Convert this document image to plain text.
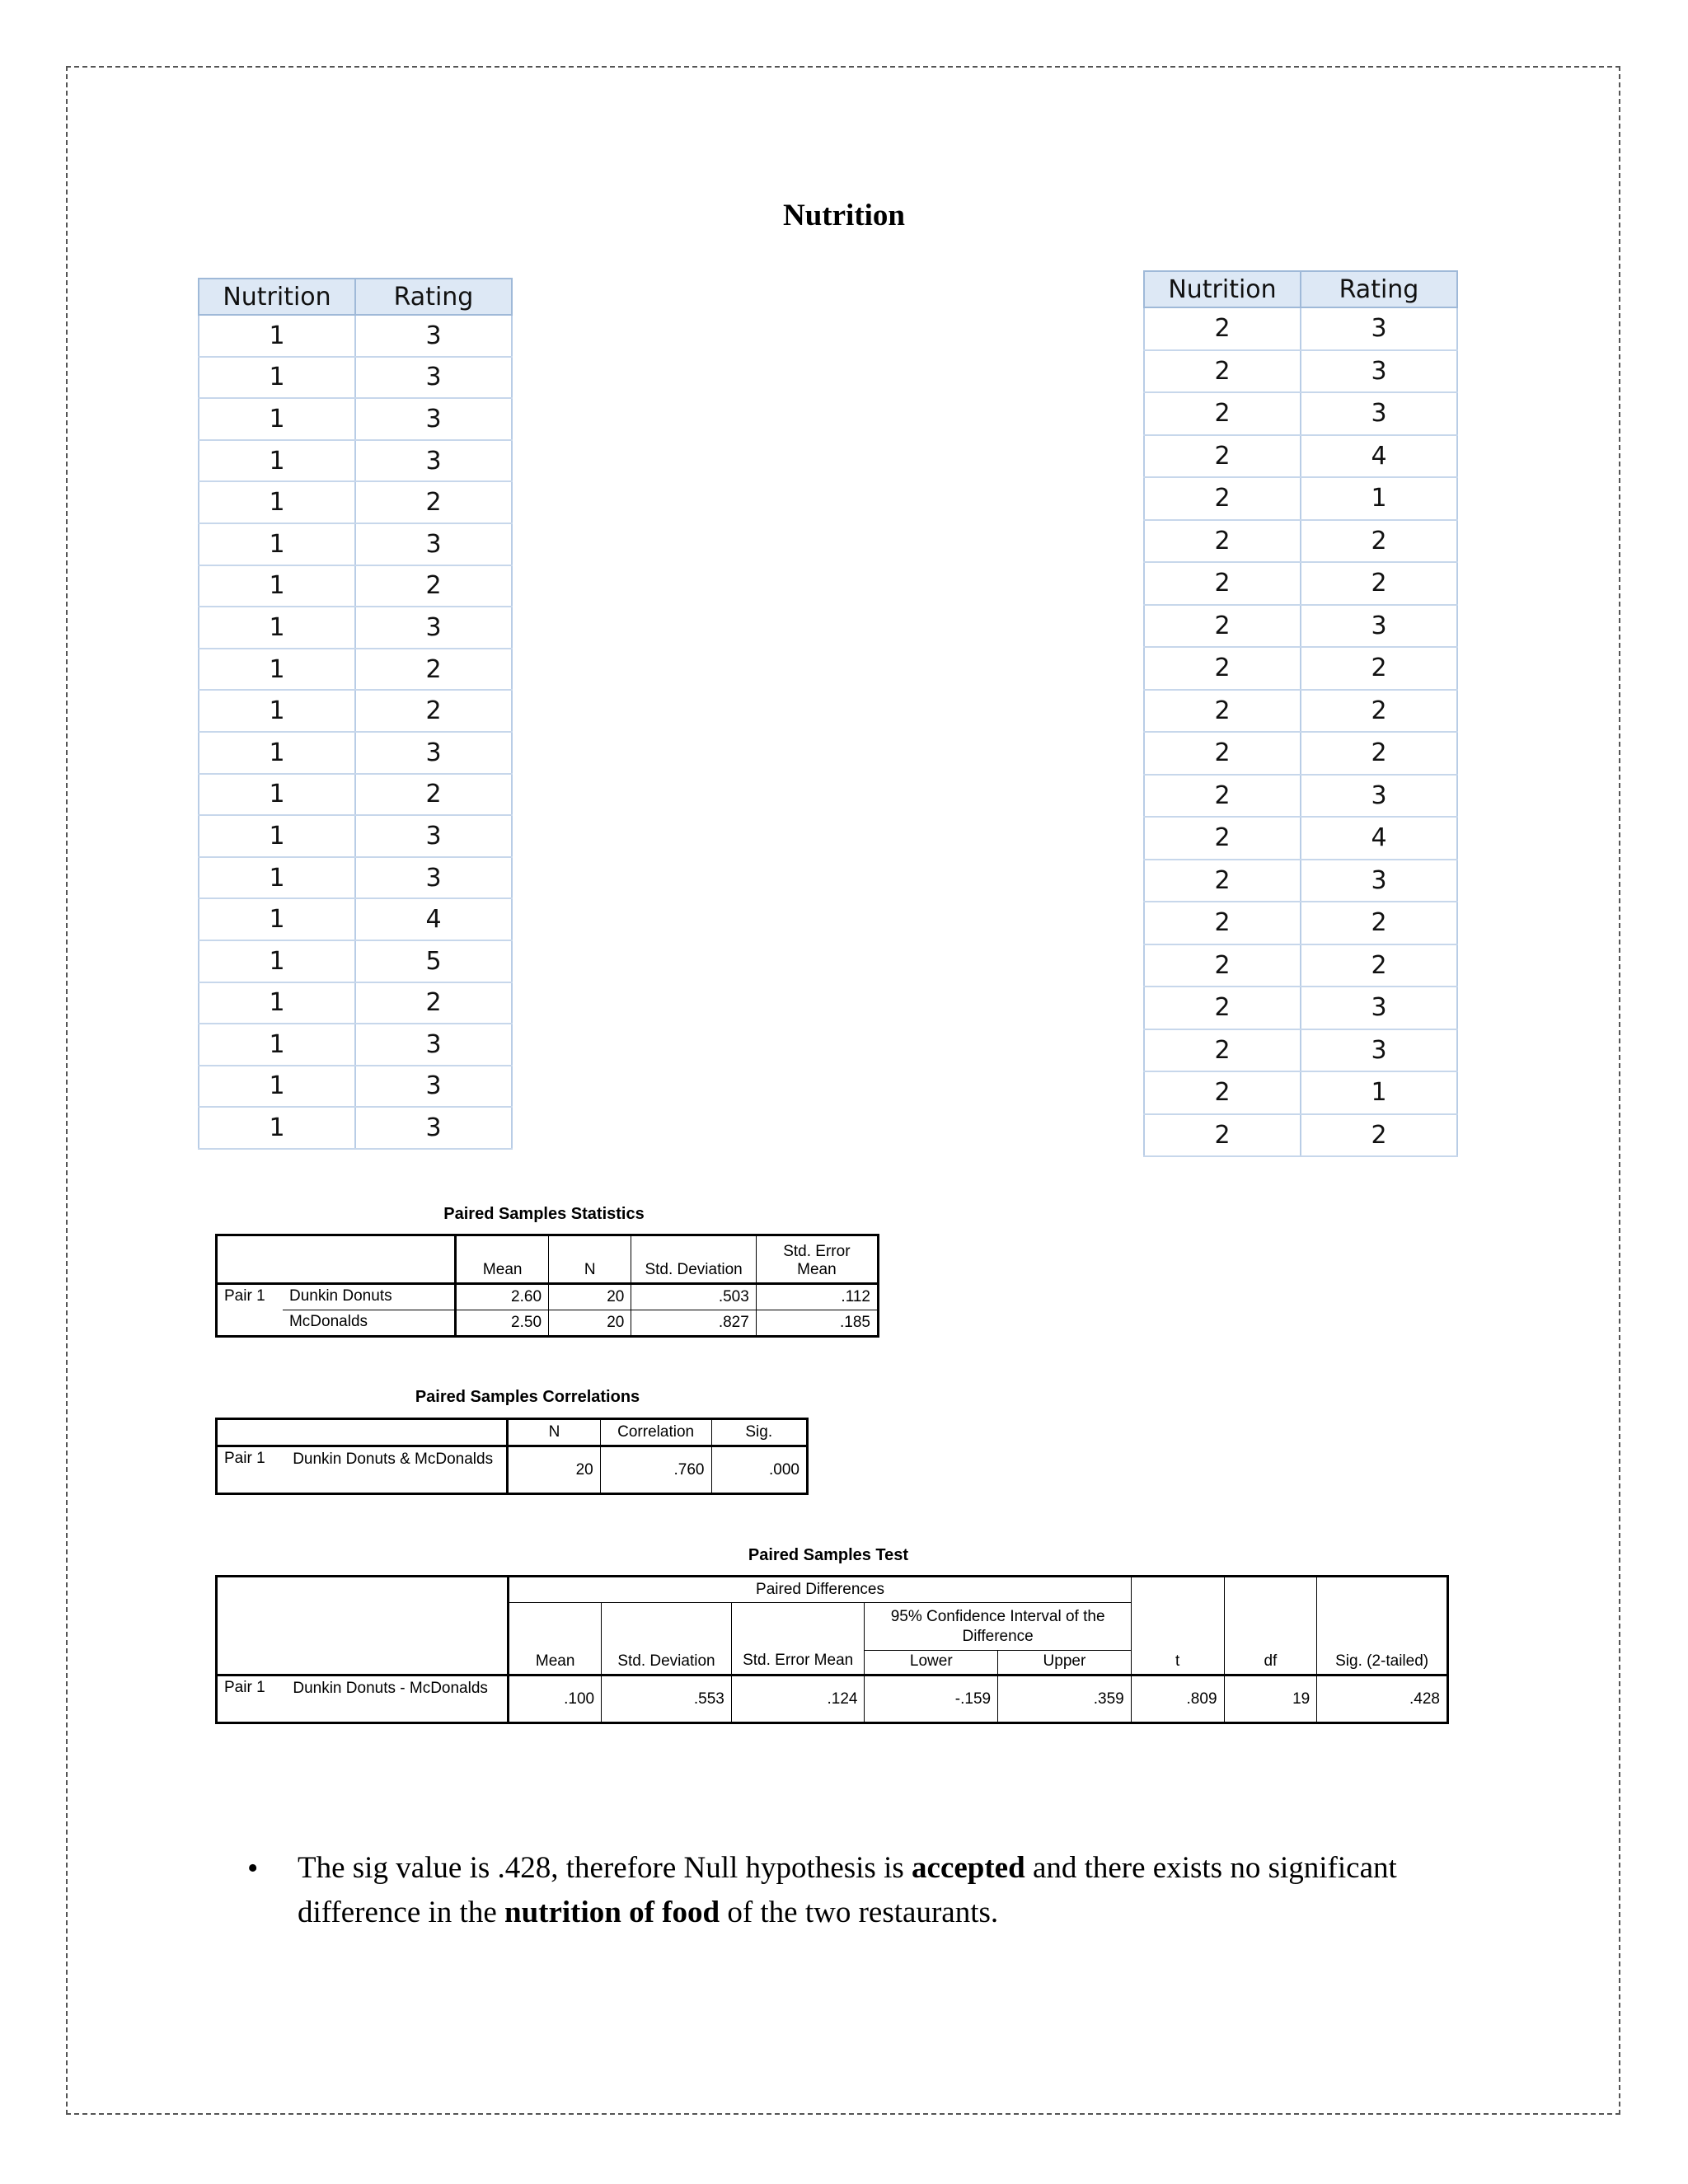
Nutrition
Nutrition	Rating
1	3
1	3
1	3
1	3
1	2
1	3
1	2
1	3
1	2
1	2
1	3
1	2
1	3
1	3
1	4
1	5
1	2
1	3
1	3
1	3
Nutrition	Rating
2	3
2	3
2	3
2	4
2	1
2	2
2	2
2	3
2	2
2	2
2	2
2	3
2	4
2	3
2	2
2	2
2	3
2	3
2	1
2	2
Paired Samples Statistics
		Mean	N	Std. Deviation	Std. Error Mean
Pair 1	Dunkin Donuts	2.60	20	.503	.112
	McDonalds	2.50	20	.827	.185
Paired Samples Correlations
		N	Correlation	Sig.
Pair 1	Dunkin Donuts & McDonalds	20	.760	.000
Paired Samples Test
		Paired Differences					t	df	Sig. (2-tailed)
		Mean	Std. Deviation	Std. Error Mean	95% Confidence Interval of the Difference				
					Lower	Upper			
Pair 1	Dunkin Donuts - McDonalds	.100	.553	.124	-.159	.359	.809	19	.428
• The sig value is .428, therefore Null hypothesis is accepted and there exists no significant difference in the nutrition of food of the two restaurants.
